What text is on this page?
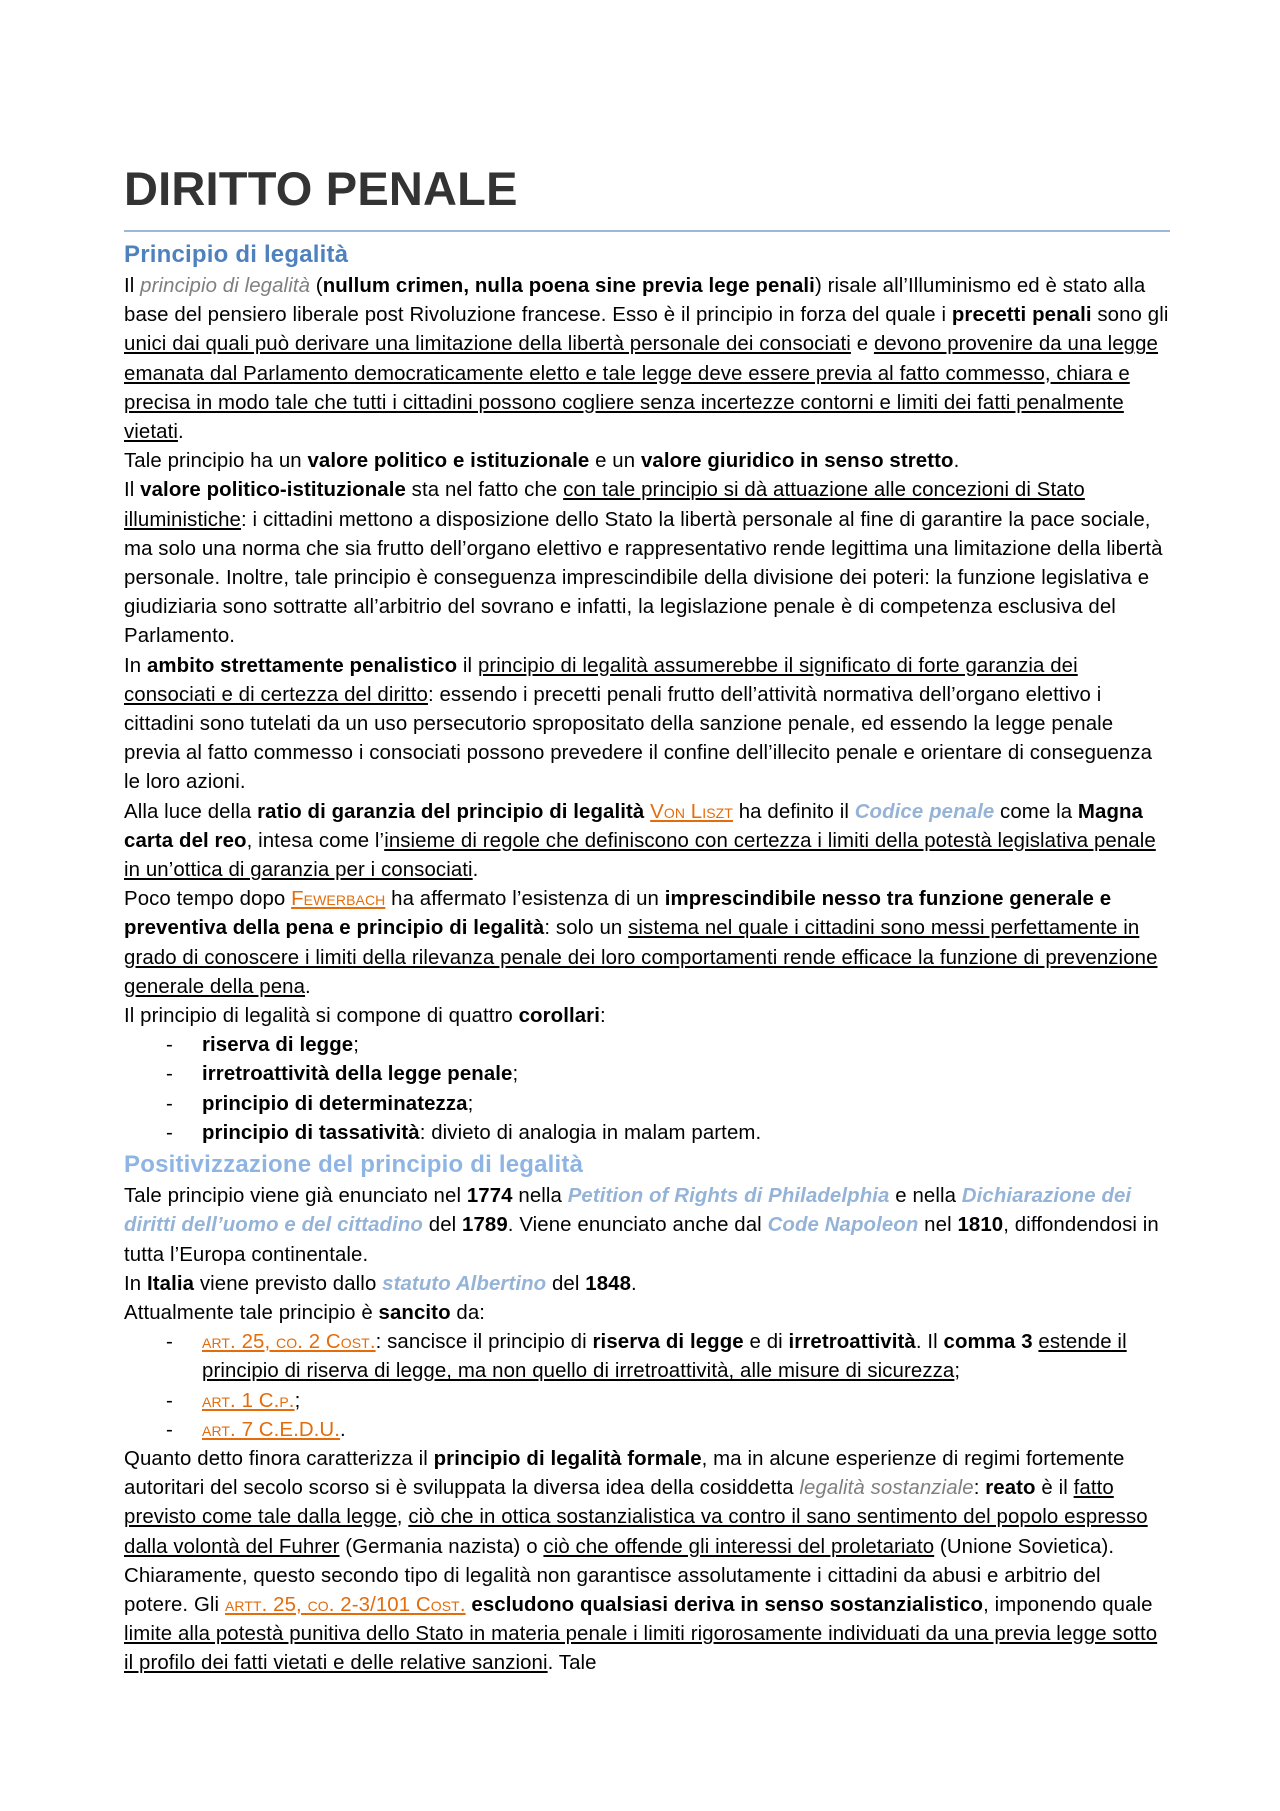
DIRITTO PENALE
Principio di legalità

Il principio di legalità (nullum crimen, nulla poena sine previa lege penali) risale all’Illuminismo ed è stato alla base del pensiero liberale post Rivoluzione francese. Esso è il principio in forza del quale i precetti penali sono gli unici dai quali può derivare una limitazione della libertà personale dei consociati e devono provenire da una legge emanata dal Parlamento democraticamente eletto e tale legge deve essere previa al fatto commesso, chiara e precisa in modo tale che tutti i cittadini possono cogliere senza incertezze contorni e limiti dei fatti penalmente vietati.

Tale principio ha un valore politico e istituzionale e un valore giuridico in senso stretto.

Il valore politico-istituzionale sta nel fatto che con tale principio si dà attuazione alle concezioni di Stato illuministiche: i cittadini mettono a disposizione dello Stato la libertà personale al fine di garantire la pace sociale, ma solo una norma che sia frutto dell’organo elettivo e rappresentativo rende legittima una limitazione della libertà personale. Inoltre, tale principio è conseguenza imprescindibile della divisione dei poteri: la funzione legislativa e giudiziaria sono sottratte all’arbitrio del sovrano e infatti, la legislazione penale è di competenza esclusiva del Parlamento.

In ambito strettamente penalistico il principio di legalità assumerebbe il significato di forte garanzia dei consociati e di certezza del diritto: essendo i precetti penali frutto dell’attività normativa dell’organo elettivo i cittadini sono tutelati da un uso persecutorio spropositato della sanzione penale, ed essendo la legge penale previa al fatto commesso i consociati possono prevedere il confine dell’illecito penale e orientare di conseguenza le loro azioni.

Alla luce della ratio di garanzia del principio di legalità Von Liszt ha definito il Codice penale come la Magna carta del reo, intesa come l’insieme di regole che definiscono con certezza i limiti della potestà legislativa penale in un’ottica di garanzia per i consociati.

Poco tempo dopo Fewerbach ha affermato l’esistenza di un imprescindibile nesso tra funzione generale e preventiva della pena e principio di legalità: solo un sistema nel quale i cittadini sono messi perfettamente in grado di conoscere i limiti della rilevanza penale dei loro comportamenti rende efficace la funzione di prevenzione generale della pena.

Il principio di legalità si compone di quattro corollari:

- riserva di legge;
- irretroattività della legge penale;
- principio di determinatezza;
- principio di tassatività: divieto di analogia in malam partem.
Positivizzazione del principio di legalità

Tale principio viene già enunciato nel 1774 nella Petition of Rights di Philadelphia e nella Dichiarazione dei diritti dell’uomo e del cittadino del 1789. Viene enunciato anche dal Code Napoleon nel 1810, diffondendosi in tutta l’Europa continentale.

In Italia viene previsto dallo statuto Albertino del 1848.

Attualmente tale principio è sancito da:

- art. 25, co. 2 Cost.: sancisce il principio di riserva di legge e di irretroattività. Il comma 3 estende il principio di riserva di legge, ma non quello di irretroattività, alle misure di sicurezza;
- art. 1 C.p.;
- art. 7 C.E.D.U..

Quanto detto finora caratterizza il principio di legalità formale, ma in alcune esperienze di regimi fortemente autoritari del secolo scorso si è sviluppata la diversa idea della cosiddetta legalità sostanziale: reato è il fatto previsto come tale dalla legge, ciò che in ottica sostanzialistica va contro il sano sentimento del popolo espresso dalla volontà del Fuhrer (Germania nazista) o ciò che offende gli interessi del proletariato (Unione Sovietica). Chiaramente, questo secondo tipo di legalità non garantisce assolutamente i cittadini da abusi e arbitrio del potere. Gli artt. 25, co. 2-3/101 Cost. escludono qualsiasi deriva in senso sostanzialistico, imponendo quale limite alla potestà punitiva dello Stato in materia penale i limiti rigorosamente individuati da una previa legge sotto il profilo dei fatti vietati e delle relative sanzioni. Tale
